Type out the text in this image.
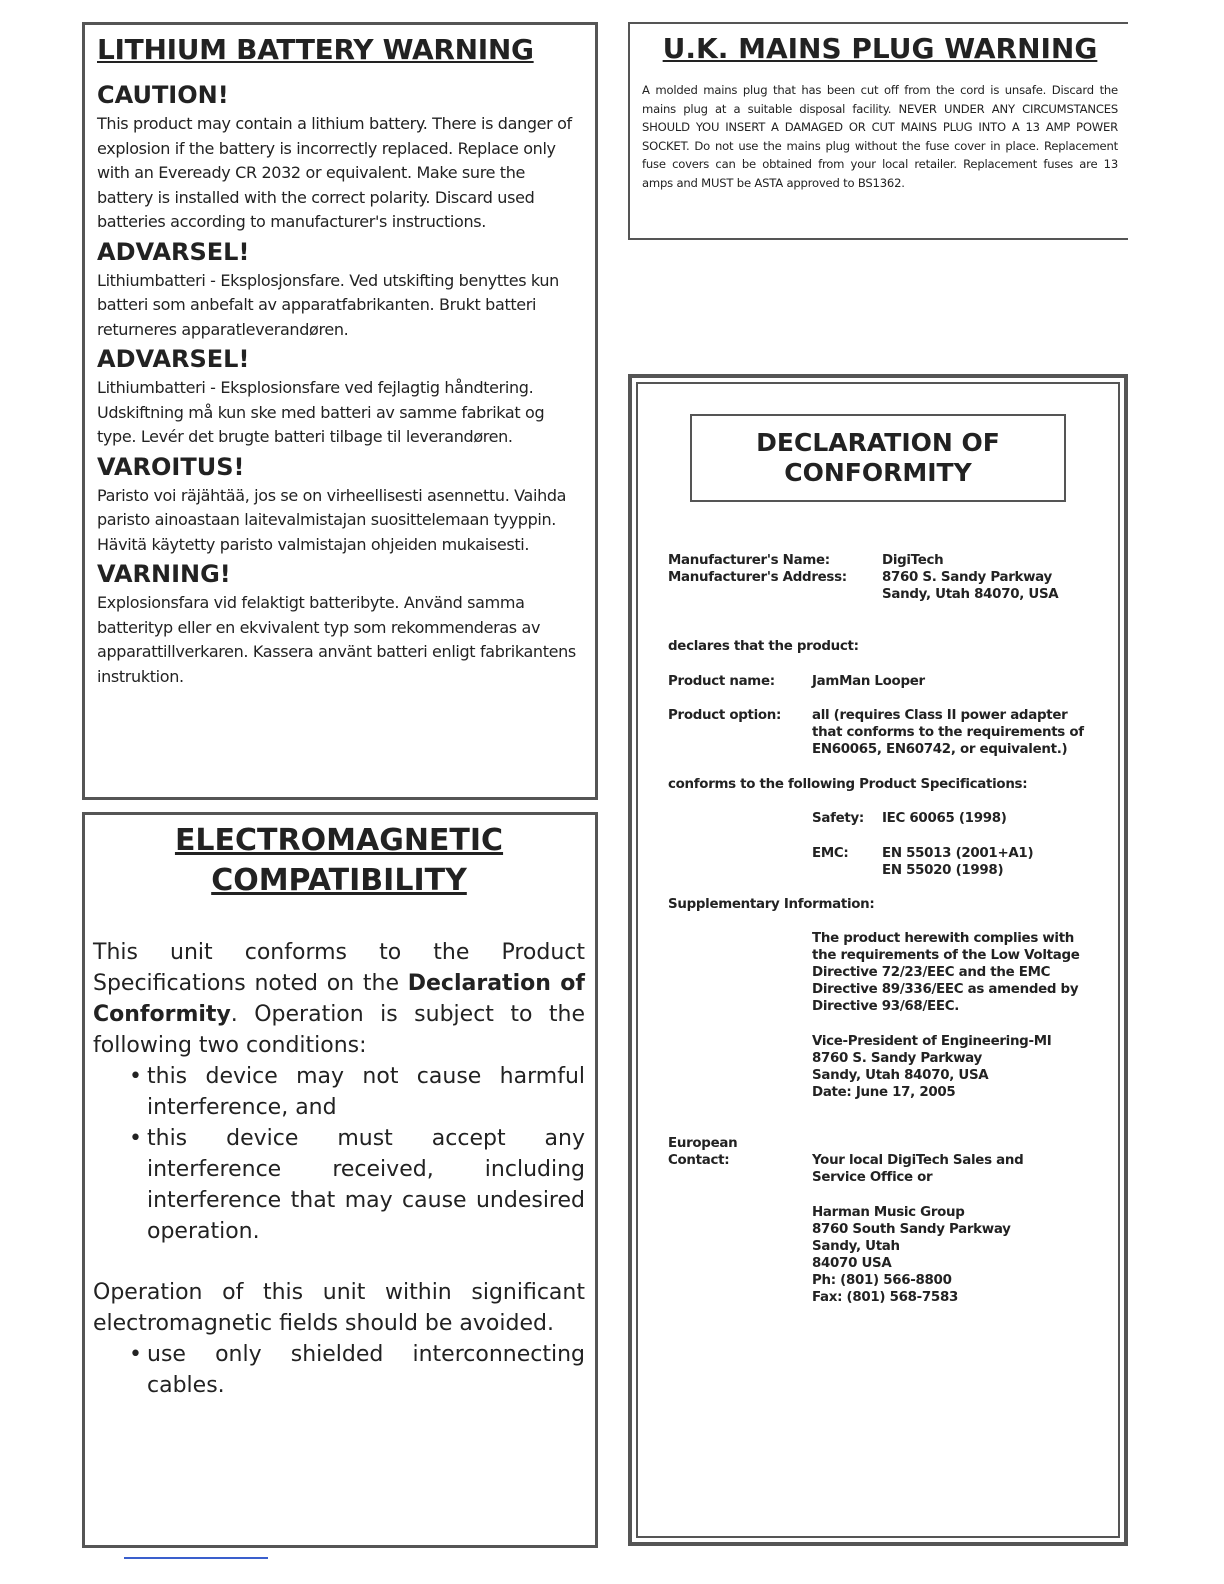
LITHIUM BATTERY WARNING
CAUTION!

This product may contain a lithium battery. There is danger of explosion if the battery is incorrectly replaced. Replace only with an Eveready CR 2032 or equivalent. Make sure the battery is installed with the correct polarity. Discard used batteries according to manufacturer's instructions.

ADVARSEL!

Lithiumbatteri - Eksplosjonsfare. Ved utskifting benyttes kun batteri som anbefalt av apparatfabrikanten. Brukt batteri returneres apparatleverandøren.

ADVARSEL!

Lithiumbatteri - Eksplosionsfare ved fejlagtig håndtering. Udskiftning må kun ske med batteri av samme fabrikat og type. Levér det brugte batteri tilbage til leverandøren.

VAROITUS!

Paristo voi räjähtää, jos se on virheellisesti asennettu. Vaihda paristo ainoastaan laitevalmistajan suosittelemaan tyyppin. Hävitä käytetty paristo valmistajan ohjeiden mukaisesti.

VARNING!

Explosionsfara vid felaktigt batteribyte. Använd samma batterityp eller en ekvivalent typ som rekommenderas av apparattillverkaren. Kassera använt batteri enligt fabrikantens instruktion.

ELECTROMAGNETIC
COMPATIBILITY

This unit conforms to the Product Specifications noted on the Declaration of Conformity. Operation is subject to the following two conditions:

• this device may not cause harmful interference, and
• this device must accept any interference received, including interference that may cause undesired operation.

Operation of this unit within significant electromagnetic fields should be avoided.

• use only shielded interconnecting cables.
U.K. MAINS PLUG WARNING

A molded mains plug that has been cut off from the cord is unsafe. Discard the mains plug at a suitable disposal facility. NEVER UNDER ANY CIRCUMSTANCES SHOULD YOU INSERT A DAMAGED OR CUT MAINS PLUG INTO A 13 AMP POWER SOCKET. Do not use the mains plug without the fuse cover in place. Replacement fuse covers can be obtained from your local retailer. Replacement fuses are 13 amps and MUST be ASTA approved to BS1362.

DECLARATION OF
CONFORMITY
Manufacturer's Name:	DigiTech
Manufacturer's Address:	8760 S. Sandy Parkway
Sandy, Utah 84070, USA
declares that the product:
Product name:	JamMan Looper
Product option: all (requires Class II power adapter
that conforms to the requirements of
EN60065, EN60742, or equivalent.)
conforms to the following Product Specifications:
Safety: IEC 60065 (1998)
EMC:	EN 55013 (2001+A1)
EN 55020 (1998)
Supplementary Information:
The product herewith complies with
the requirements of the Low Voltage
Directive 72/23/EEC and the EMC
Directive 89/336/EEC as amended by
Directive 93/68/EEC.
Vice-President of Engineering-MI
8760 S. Sandy Parkway
Sandy, Utah 84070, USA
Date: June 17, 2005
European
Contact:	Your local DigiTech Sales and
Service Office or
Harman Music Group
8760 South Sandy Parkway
Sandy, Utah
84070 USA
Ph: (801) 566-8800
Fax: (801) 568-7583
